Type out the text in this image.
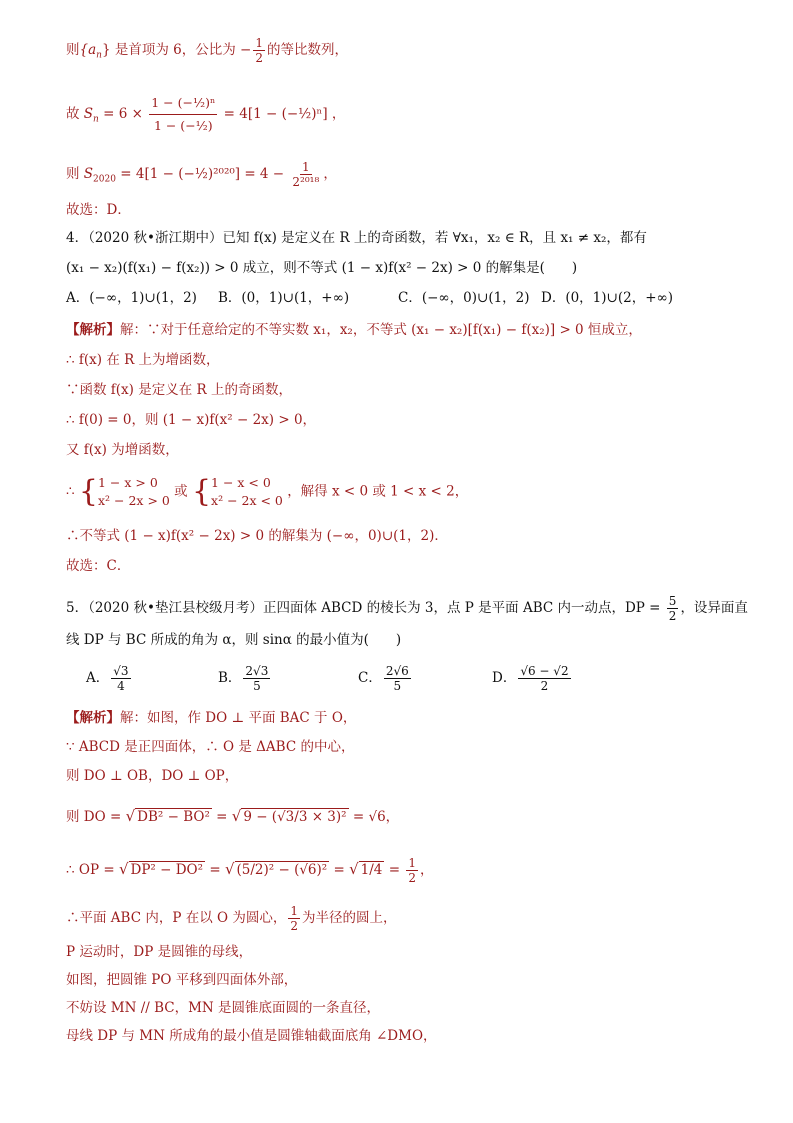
则$\{a_n\}$ 是首项为 6，公比为 − $\frac{1}{2}$ 的等比数列，
故 $S_n = 6 \times \frac{\text{1 − (−½)ⁿ}}{\text{1 − (−½)}} = 4[1$ − (−½)ⁿ] ，
则 $S_{2020} = 4[1$ − (−½)²⁰²⁰] = $4 - \frac{1}{\text{2²⁰¹⁸}}$ ，
故选：D．
4．（2020 秋•浙江期中）已知 f(x) 是定义在 R 上的奇函数，若 ∀x₁，x₂ ∈ R，且 x₁ ≠ x₂，都有
(x₁ − x₂)(f(x₁) − f(x₂)) > 0 成立，则不等式 (1 − x)f(x² − 2x) > 0 的解集是(　　)
A．(−∞，1)∪(1，2) B．(0，1)∪(1，+∞)	C．(−∞，0)∪(1，2) D．(0，1)∪(2，+∞)
【解析】解：∵对于任意给定的不等实数 x₁，x₂，不等式 (x₁ − x₂)[f(x₁) − f(x₂)] > 0 恒成立，
∴ f(x) 在 R 上为增函数，
∵函数 f(x) 是定义在 R 上的奇函数，
∴ f(0) = 0，则 (1 − x)f(x² − 2x) > 0，
又 f(x) 为增函数，
∴ { 1 − x > 0
x² − 2x > 0
或 { 1 − x < 0
x² − 2x < 0
，解得 x < 0 或 1 < x < 2，
∴不等式 (1 − x)f(x² − 2x) > 0 的解集为 (−∞，0)∪(1，2)．
故选：C．
5．（2020 秋•垫江县校级月考）正四面体 ABCD 的棱长为 3，点 P 是平面 ABC 内一动点，DP = $\frac{5}{2}$ ，设异面直
线 DP 与 BC 所成的角为 α，则 sinα 的最小值为(　　)
A． $\frac{√3}{4}$	B． $\frac{2√3}{5}$	C． $\frac{2√6}{5}$	D． $\frac{√6 - √2}{2}$
【解析】解：如图，作 DO ⊥ 平面 BAC 于 O，
∵ ABCD 是正四面体，∴ O 是 ΔABC 的中心，
则 DO ⊥ OB，DO ⊥ OP，
则 DO = √ DB² − BO² = √ 9 − (√3/3 × 3)² = √6，
∴ OP = √ DP² − DO² = √ (5/2)² − (√6)² = √ $1/4 = \frac{1}{2}$ ，
∴平面 ABC 内，P 在以 O 为圆心， $\frac{1}{2}$ 为半径的圆上，
P 运动时，DP 是圆锥的母线，
如图，把圆锥 PO 平移到四面体外部，
不妨设 MN // BC，MN 是圆锥底面圆的一条直径，
母线 DP 与 MN 所成角的最小值是圆锥轴截面底角 ∠DMO，
